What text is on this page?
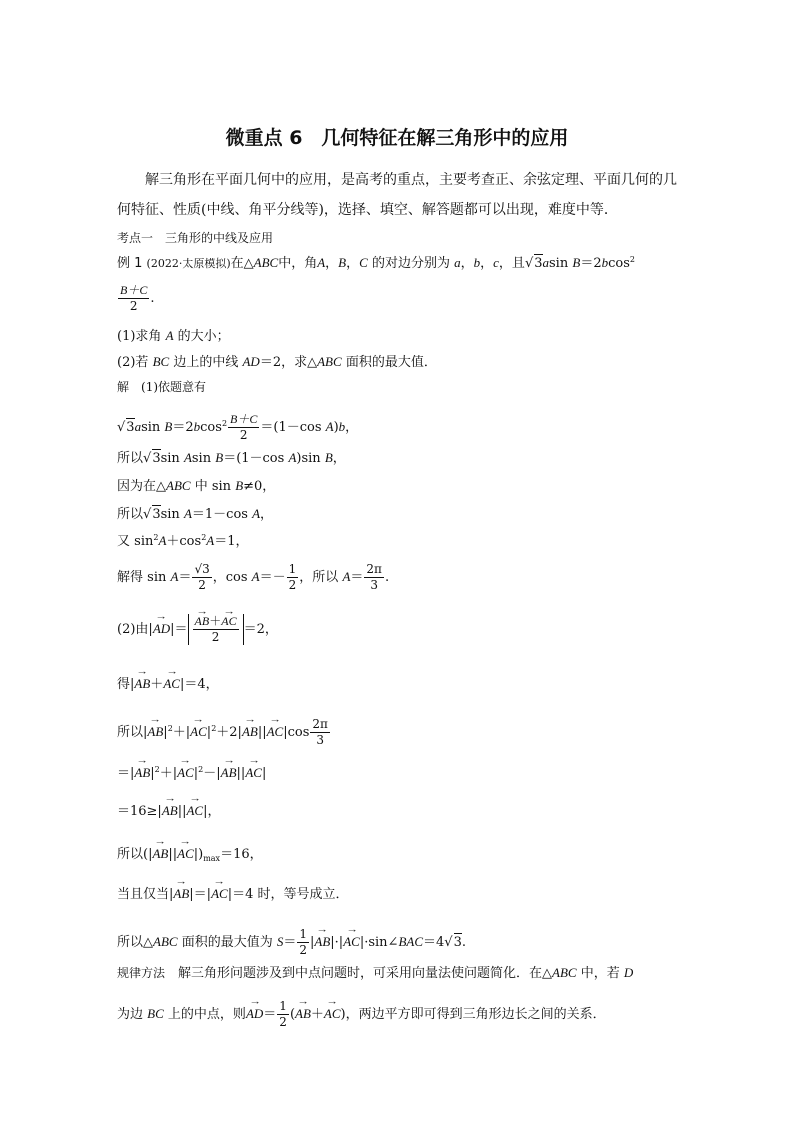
微重点 6　几何特征在解三角形中的应用
解三角形在平面几何中的应用，是高考的重点，主要考查正、余弦定理、平面几何的几
何特征、性质(中线、角平分线等)，选择、填空、解答题都可以出现，难度中等．
考点一　三角形的中线及应用
例 1 (2022·太原模拟)在△ABC中，角A，B，C 的对边分别为 a，b，c，且√3asin B＝2bcos$^2$
$\frac{B+C}{2}$ .
(1)求角 A 的大小；
(2)若 BC 边上的中线 AD＝2，求△ABC 面积的最大值．
解　 (1)依题意有
√3asin $B=2bcos^2 \frac{B+C}{2} =(1-\cos$ A)b，
所以√3sin Asin B＝(1－cos A)sin B，
因为在△ABC 中 sin B≠0，
所以√3sin A＝1－cos A，
又 $\sin^2A+\cos^2A=1$，
解得 $\sin A= \frac{√3}{2}$ ，$\cos A=- \frac{1}{2}$ ，所以 $A= \frac{2\pi}{3}$ .
(2)由|→ AD|＝
→ $\frac{AB+\to AC}{2} =2$，
得|→ AB＋→ AC|＝4，
所以|→ $AB|^2+|\to AC|^2+2|\to AB||\to AC|\cos \frac{2\pi}{3}$
＝|→ $AB|^2+|\to AC|^2-|\to AB||\to AC|$
＝16≥|→ AB||→ AC|，
所以(|→ $AB||\to AC|)_{max}=16$，
当且仅当|→ AB|＝|→ AC|＝4 时，等号成立．
所以△ABC 面积的最大值为 $S= \frac{1}{2}$ |→ AB|·|→ AC|·sin∠BAC＝4√3.
规律方法　 解三角形问题涉及到中点问题时，可采用向量法使问题简化．在△ABC 中，若 D
为边 BC 上的中点，则→ $AD= \frac{1}{2}$ (→ AB＋→ AC)，两边平方即可得到三角形边长之间的关系．
